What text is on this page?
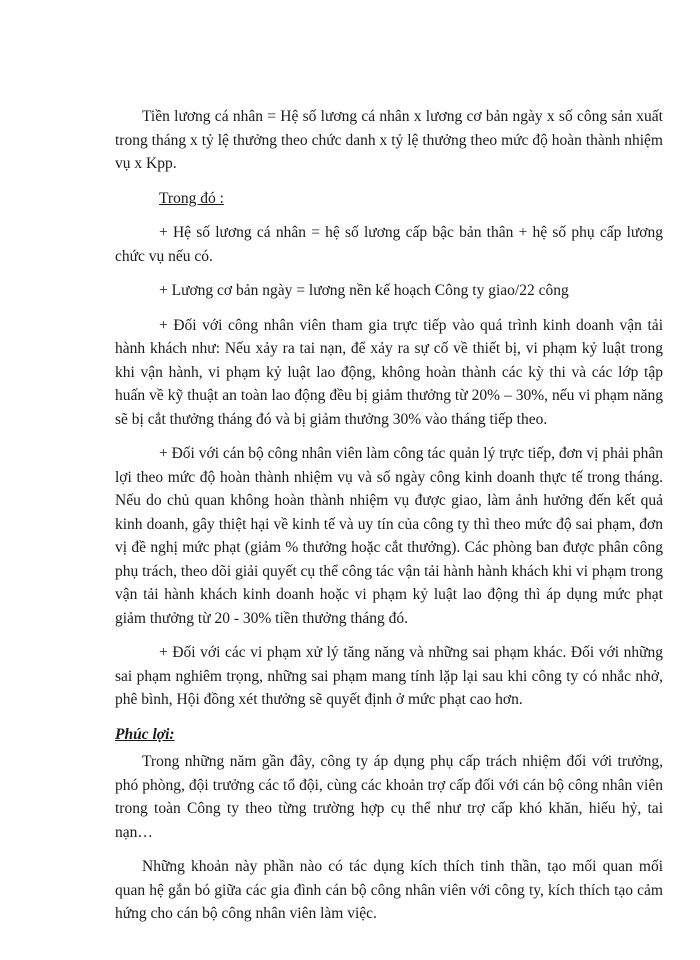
Tiền lương cá nhân = Hệ số lương cá nhân x lương cơ bản ngày x số công sản xuất trong tháng x tỷ lệ thưởng theo chức danh x tỷ lệ thưởng theo mức độ hoàn thành nhiệm vụ x Kpp.

Trong đó :

+ Hệ số lương cá nhân = hệ số lương cấp bậc bản thân + hệ số phụ cấp lương chức vụ nếu có.

+ Lương cơ bản ngày = lương nền kế hoạch Công ty giao/22 công

+ Đối với công nhân viên tham gia trực tiếp vào quá trình kinh doanh vận tải hành khách như: Nếu xảy ra tai nạn, để xảy ra sự cố về thiết bị, vi phạm kỷ luật trong khi vận hành, vi phạm kỷ luật lao động, không hoàn thành các kỳ thi và các lớp tập huấn về kỹ thuật an toàn lao động đều bị giảm thưởng từ 20% – 30%, nếu vi phạm năng sẽ bị cắt thưởng tháng đó và bị giảm thưởng 30% vào tháng tiếp theo.

+ Đối với cán bộ công nhân viên làm công tác quản lý trực tiếp, đơn vị phải phân lợi theo mức độ hoàn thành nhiệm vụ và số ngày công kinh doanh thực tế trong tháng. Nếu do chủ quan không hoàn thành nhiệm vụ được giao, làm ảnh hưởng đến kết quả kinh doanh, gây thiệt hại về kinh tế và uy tín của công ty thì theo mức độ sai phạm, đơn vị đề nghị mức phạt (giảm % thưởng hoặc cắt thưởng). Các phòng ban được phân công phụ trách, theo dõi giải quyết cụ thể công tác vận tải hành hành khách khi vi phạm trong vận tải hành khách kinh doanh hoặc vi phạm kỷ luật lao động thì áp dụng mức phạt giảm thưởng từ 20 - 30% tiền thưởng tháng đó.

+ Đối với các vi phạm xử lý tăng năng và những sai phạm khác. Đối với những sai phạm nghiêm trọng, những sai phạm mang tính lặp lại sau khi công ty có nhắc nhở, phê bình, Hội đồng xét thưởng sẽ quyết định ở mức phạt cao hơn.

Phúc lợi:

Trong những năm gần đây, công ty áp dụng phụ cấp trách nhiệm đối với trưởng, phó phòng, đội trưởng các tổ đội, cùng các khoản trợ cấp đối với cán bộ công nhân viên trong toàn Công ty theo từng trường hợp cụ thể như trợ cấp khó khăn, hiếu hỷ, tai nạn…

Những khoản này phần nào có tác dụng kích thích tinh thần, tạo mối quan mối quan hệ gắn bó giữa các gia đình cán bộ công nhân viên với công ty, kích thích tạo cảm hứng cho cán bộ công nhân viên làm việc.
